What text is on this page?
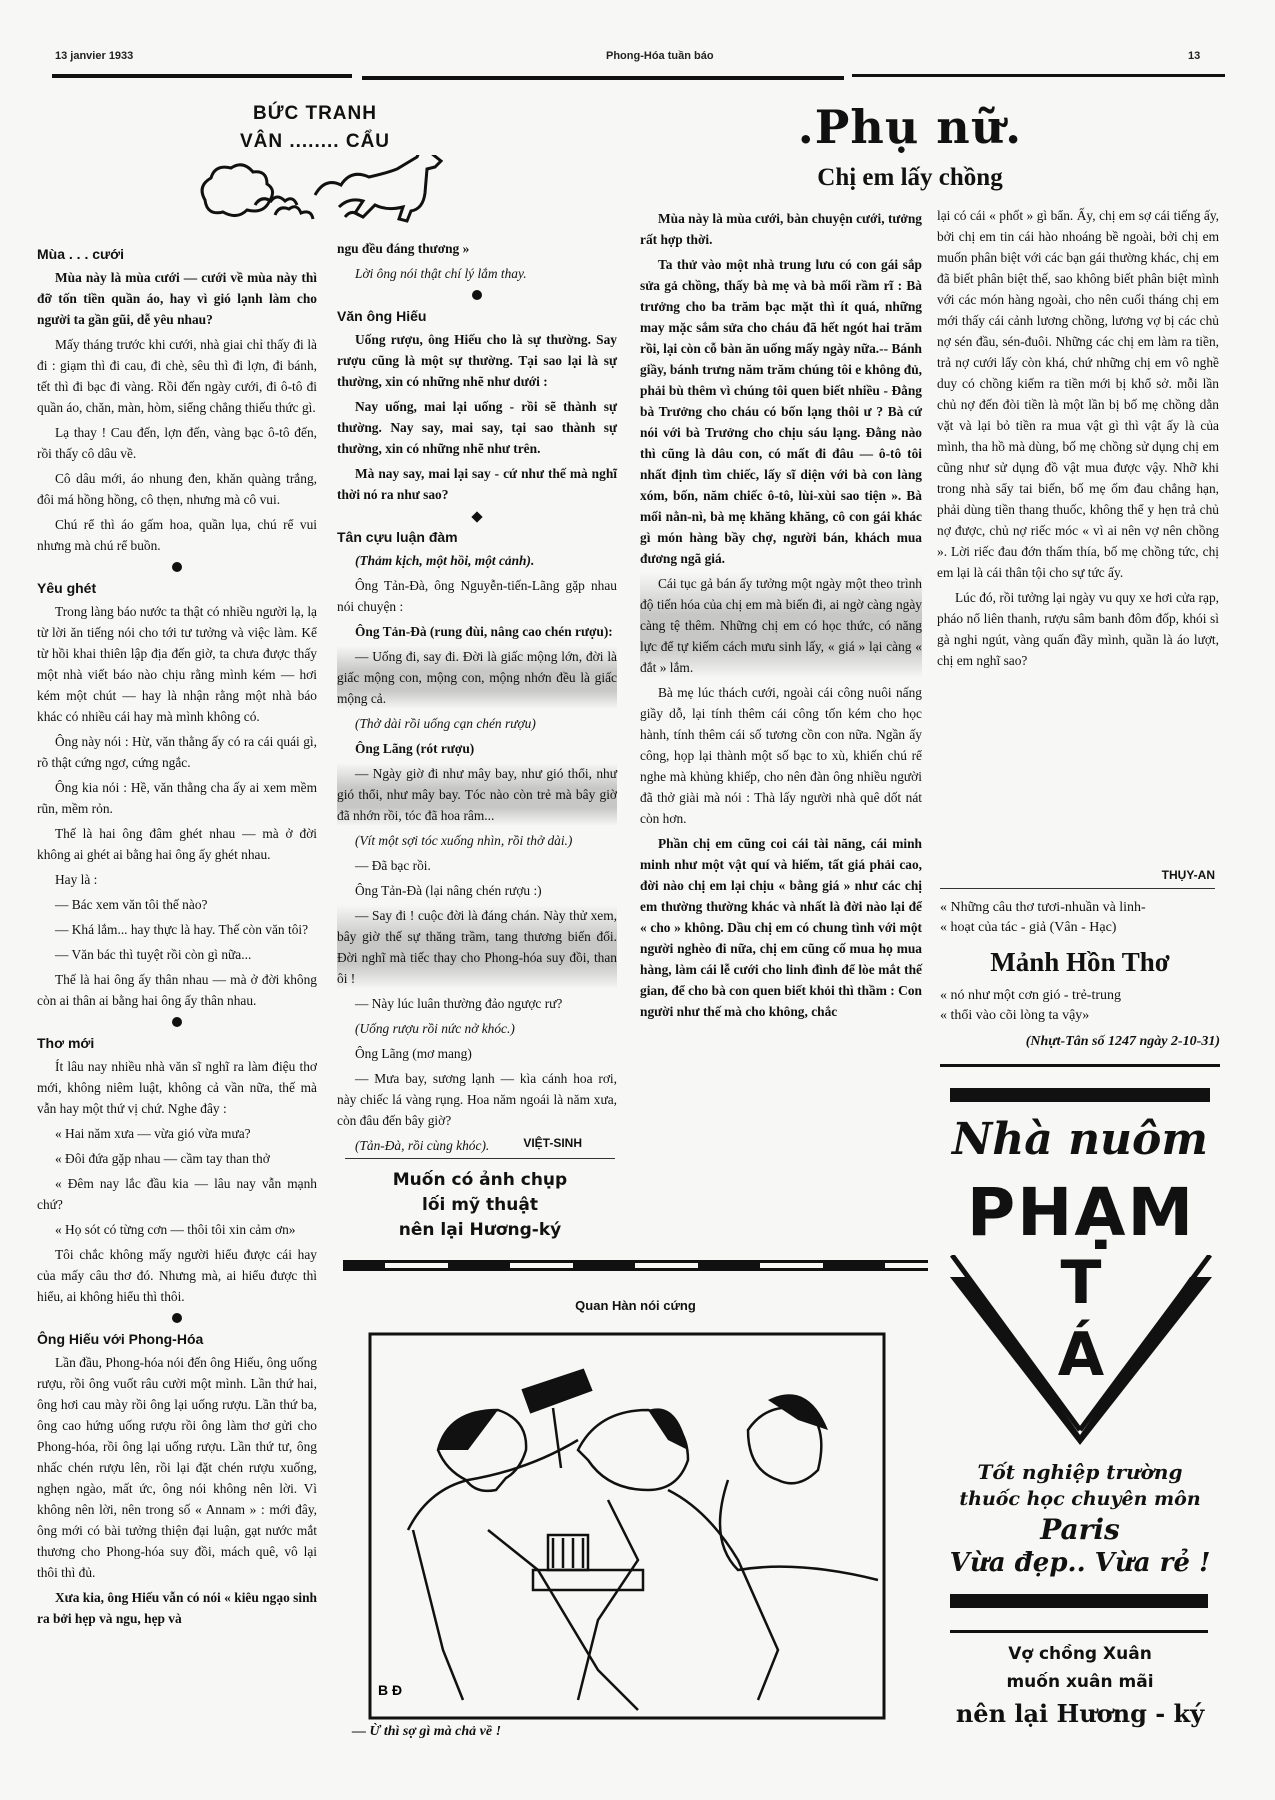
13 janvier 1933	Phong-Hóa tuần báo	13
BỨC TRANH
VÂN ........ CẨU
Mùa . . . cưới

Mùa này là mùa cưới — cưới về mùa này thì đỡ tốn tiền quần áo, hay vì gió lạnh làm cho người ta gần gũi, dễ yêu nhau?

Mấy tháng trước khi cưới, nhà giai chỉ thấy đi là đi : giạm thì đi cau, đi chè, sêu thì đi lợn, đi bánh, tết thì đi bạc đi vàng. Rồi đến ngày cưới, đi ô-tô đi quần áo, chăn, màn, hòm, siểng chẳng thiếu thức gì.

Lạ thay ! Cau đến, lợn đến, vàng bạc ô-tô đến, rồi thấy cô dâu về.

Cô dâu mới, áo nhung đen, khăn quàng trắng, đôi má hồng hồng, cô thẹn, nhưng mà cô vui.

Chú rể thì áo gấm hoa, quần lụa, chú rể vui nhưng mà chú rể buồn.

Yêu ghét

Trong làng báo nước ta thật có nhiều người lạ, lạ từ lời ăn tiếng nói cho tới tư tưởng và việc làm. Kể từ hồi khai thiên lập địa đến giờ, ta chưa được thấy một nhà viết báo nào chịu rằng mình kém — hơi kém một chút — hay là nhận rằng một nhà báo khác có nhiều cái hay mà mình không có.

Ông này nói : Hừ, văn thằng ấy có ra cái quái gì, rõ thật cứng ngơ, cứng ngắc.

Ông kia nói : Hề, văn thằng cha ấy ai xem mềm rũn, mềm rỏn.

Thế là hai ông đâm ghét nhau — mà ở đời không ai ghét ai bằng hai ông ấy ghét nhau.

Hay là :

— Bác xem văn tôi thế nào?

— Khá lắm... hay thực là hay. Thế còn văn tôi?

— Văn bác thì tuyệt rồi còn gì nữa...

Thế là hai ông ấy thân nhau — mà ở đời không còn ai thân ai bằng hai ông ấy thân nhau.

Thơ mới

Ít lâu nay nhiều nhà văn sĩ nghĩ ra làm điệu thơ mới, không niêm luật, không cả vần nữa, thế mà vẫn hay một thứ vị chứ. Nghe đây :

« Hai năm xưa — vừa gió vừa mưa?

« Đôi đứa gặp nhau — cầm tay than thở

« Đêm nay lắc đầu kia — lâu nay vẫn mạnh chứ?

« Họ sót có từng cơn — thôi tôi xin cảm ơn»

Tôi chắc không mấy người hiểu được cái hay của mấy câu thơ đó. Nhưng mà, ai hiểu được thì hiểu, ai không hiểu thì thôi.

Ông Hiếu với Phong-Hóa

Lần đầu, Phong-hóa nói đến ông Hiếu, ông uống rượu, rồi ông vuốt râu cười một mình. Lần thứ hai, ông hơi cau mày rồi ông lại uống rượu. Lần thứ ba, ông cao hứng uống rượu rồi ông làm thơ gửi cho Phong-hóa, rồi ông lại uống rượu. Lần thứ tư, ông nhấc chén rượu lên, rồi lại đặt chén rượu xuống, nghẹn ngào, mất ức, ông nói không nên lời. Vì không nên lời, nên trong số « Annam » : mới đây, ông mới có bài tưởng thiện đại luận, gạt nước mắt thương cho Phong-hóa suy đồi, mách quê, vô lại thôi thì đủ.

Xưa kia, ông Hiếu vẫn có nói « kiêu ngạo sinh ra bởi hẹp và ngu, hẹp và

ngu đều đáng thương »

Lời ông nói thật chí lý lắm thay.

Văn ông Hiếu

Uống rượu, ông Hiếu cho là sự thường. Say rượu cũng là một sự thường. Tại sao lại là sự thường, xin có những nhẽ như dưới :

Nay uống, mai lại uống - rồi sẽ thành sự thường. Nay say, mai say, tại sao thành sự thường, xin có những nhẽ như trên.

Mà nay say, mai lại say - cứ như thế mà nghĩ thời nó ra như sao?

Tân cựu luận đàm

(Thảm kịch, một hồi, một cảnh).

Ông Tản-Đà, ông Nguyễn-tiến-Lãng gặp nhau nói chuyện :

Ông Tản-Đà (rung đùi, nâng cao chén rượu):

— Uống đi, say đi. Đời là giấc mộng lớn, đời là giấc mộng con, mộng con, mộng nhớn đều là giấc mộng cả.

(Thở dài rồi uống cạn chén rượu)

Ông Lãng (rót rượu)

— Ngày giờ đi như mây bay, như gió thổi, như gió thổi, như mây bay. Tóc nào còn trẻ mà bây giờ đã nhớn rồi, tóc đã hoa râm...

(Vít một sợi tóc xuống nhìn, rồi thở dài.)

— Đã bạc rồi.

Ông Tản-Đà (lại nâng chén rượu :)

— Say đi ! cuộc đời là đáng chán. Này thử xem, bây giờ thế sự thăng trầm, tang thương biến đổi. Đời nghĩ mà tiếc thay cho Phong-hóa suy đồi, than ôi !

— Này lúc luân thường đảo ngược rư?

(Uống rượu rồi nức nở khóc.)

Ông Lãng (mơ mang)

— Mưa bay, sương lạnh — kìa cánh hoa rơi, này chiếc lá vàng rụng. Hoa năm ngoái là năm xưa, còn đâu đến bây giờ?

(Tản-Đà, rồi cùng khóc).	VIỆT-SINH
Muốn có ảnh chụp
lối mỹ thuật
nên lại Hương-ký
.Phụ nữ.
Chị em lấy chồng

Mùa này là mùa cưới, bàn chuyện cưới, tưởng rất hợp thời.

Ta thử vào một nhà trung lưu có con gái sắp sửa gả chồng, thấy bà mẹ và bà mối rầm rĩ : Bà trưởng cho ba trăm bạc mặt thì ít quá, những may mặc sắm sửa cho cháu đã hết ngót hai trăm rồi, lại còn cỗ bàn ăn uống mấy ngày nữa.-- Bánh giầy, bánh trưng năm trăm chúng tôi e không đủ, phải bù thêm vì chúng tôi quen biết nhiều - Đằng bà Trưởng cho cháu có bốn lạng thôi ư ? Bà cứ nói với bà Trưởng cho chịu sáu lạng. Đằng nào thì cũng là dâu con, có mất đi đâu — ô-tô tôi nhất định tìm chiếc, lấy sĩ diện với bà con làng xóm, bốn, năm chiếc ô-tô, lùi-xùi sao tiện ». Bà mối nằn-nì, bà mẹ khăng khăng, cô con gái khác gì món hàng bầy chợ, người bán, khách mua đương ngã giá.

Cái tục gả bán ấy tưởng một ngày một theo trình độ tiến hóa của chị em mà biến đi, ai ngờ càng ngày càng tệ thêm. Những chị em có học thức, có năng lực để tự kiếm cách mưu sinh lấy, « giá » lại càng « đắt » lắm.

Bà mẹ lúc thách cưới, ngoài cái công nuôi nấng giầy dỗ, lại tính thêm cái công tốn kém cho học hành, tính thêm cái số tương cồn con nữa. Ngần ấy công, họp lại thành một số bạc to xù, khiến chú rể nghe mà khủng khiếp, cho nên đàn ông nhiều người đã thở giài mà nói : Thà lấy người nhà quê dốt nát còn hơn.

Phần chị em cũng coi cái tài năng, cái minh minh như một vật quí và hiếm, tất giá phải cao, đời nào chị em lại chịu « bằng giá » như các chị em thường thường khác và nhất là đời nào lại để « cho » không. Dầu chị em có chung tình với một người nghèo đi nữa, chị em cũng cố mua họ mua hàng, làm cái lễ cưới cho linh đình để lòe mắt thế gian, để cho bà con quen biết khỏi thì thầm : Con người như thế mà cho không, chắc

lại có cái « phốt » gì bẩn. Ấy, chị em sợ cái tiếng ấy, bởi chị em tin cái hào nhoáng bề ngoài, bởi chị em muốn phân biệt với các bạn gái thường khác, chị em đã biết phân biệt thế, sao không biết phân biệt mình với các món hàng ngoài, cho nên cuối tháng chị em mới thấy cái cảnh lương chồng, lương vợ bị các chủ nợ sén đầu, sén-đuôi. Những các chị em làm ra tiền, trả nợ cưới lấy còn khá, chứ những chị em vô nghề duy có chồng kiếm ra tiền mới bị khổ sở. mỗi lần chủ nợ đến đòi tiền là một lần bị bố mẹ chồng dằn vặt và lại bỏ tiền ra mua vật gì thì vật ấy là của mình, tha hồ mà dùng, bố mẹ chồng sử dụng chị em cũng như sử dụng đồ vật mua được vậy. Nhỡ khi trong nhà sẩy tai biến, bố mẹ ốm đau chẳng hạn, phải dùng tiền thang thuốc, không thể y hẹn trả chủ nợ được, chủ nợ riếc móc « vì ai nên vợ nên chồng ». Lời riếc đau đớn thấm thía, bố mẹ chồng tức, chị em lại là cái thân tội cho sự tức ấy.

Lúc đó, rồi tưởng lại ngày vu quy xe hơi cửa rạp, pháo nổ liên thanh, rượu sâm banh đôm đốp, khói sì gà nghi ngút, vàng quấn đầy mình, quần là áo lượt, chị em nghĩ sao?

THỤY-AN
« Những câu thơ tươi-nhuần và linh-
« hoạt của tác - giả (Vân - Hạc)
Mảnh Hồn Thơ
« nó như một cơn gió - trẻ-trung
« thổi vào cõi lòng ta vậy»
(Nhựt-Tân số 1247 ngày 2-10-31)
Nhà nuôm
PHẠM
T
Á
Tốt nghiệp trường
thuốc học chuyên môn
Paris
Vừa đẹp.. Vừa rẻ !
Vợ chồng Xuân
muốn xuân mãi
nên lại Hương - ký
Quan Hàn nói cứng
B Đ
— Ừ thì sợ gì mà chả về !
